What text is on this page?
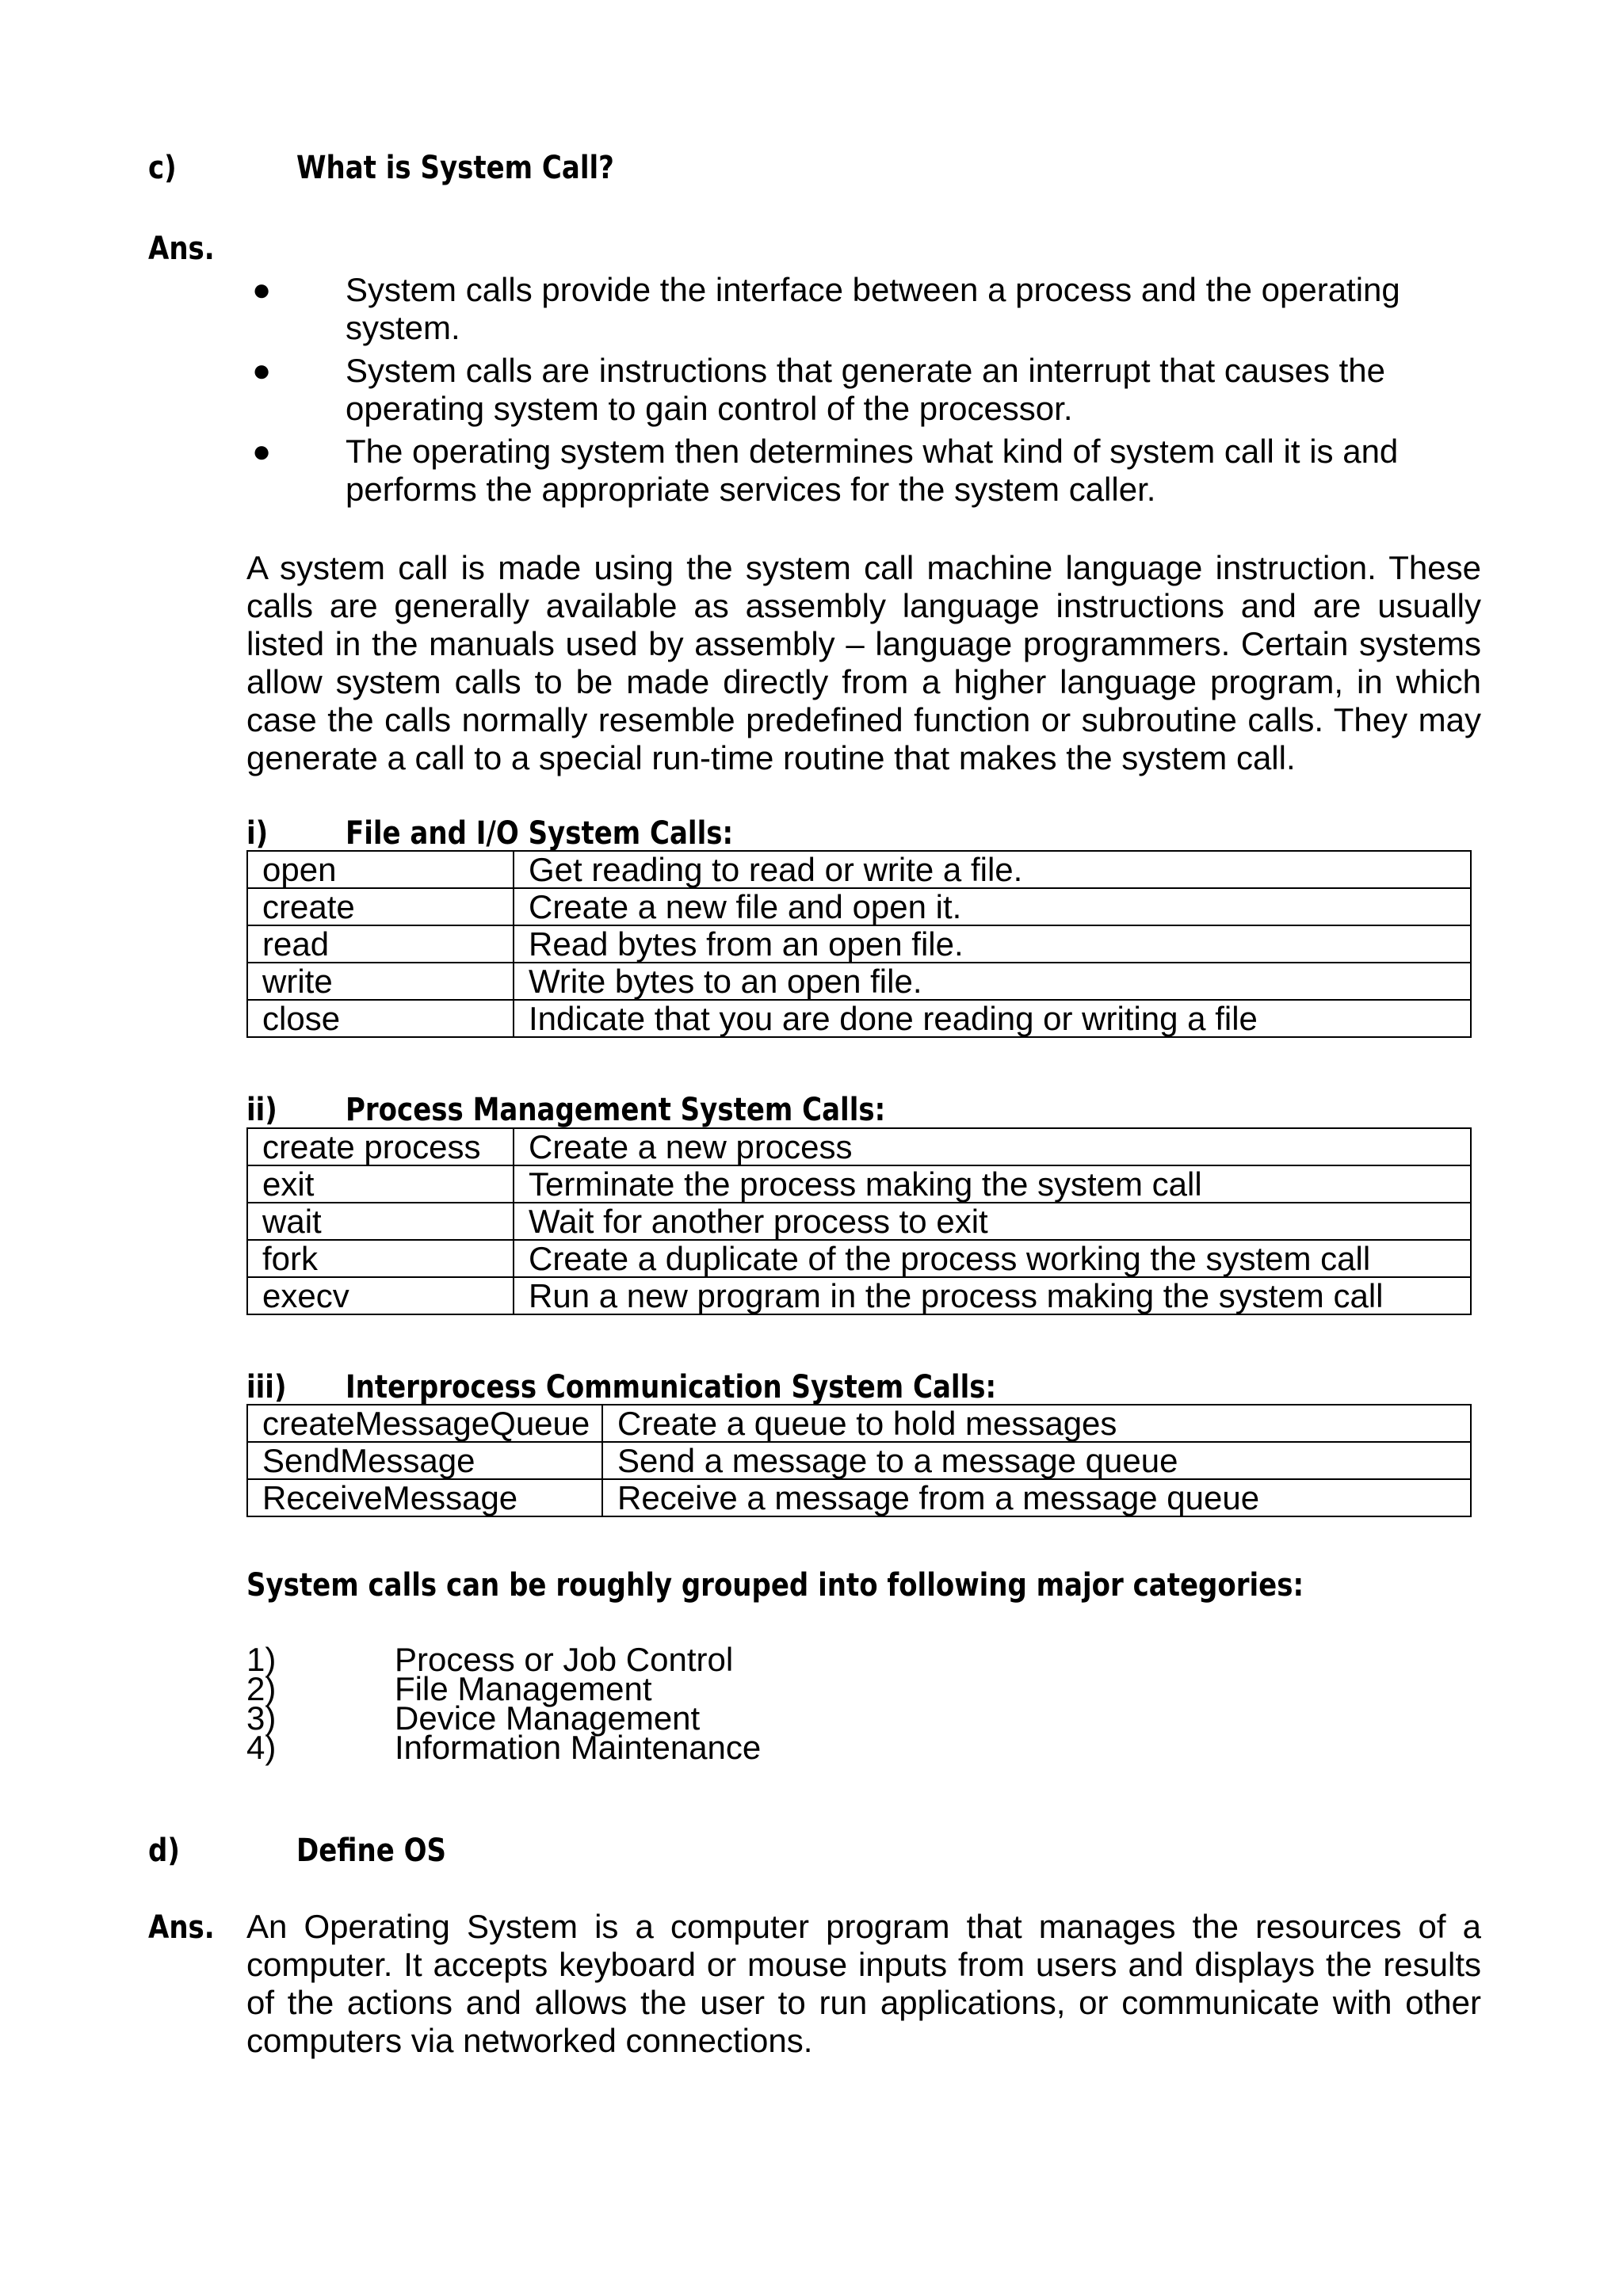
c)	What is System Call?
Ans.
● System calls provide the interface between a process and the operating
system.
● System calls are instructions that generate an interrupt that causes the
operating system to gain control of the processor.
● The operating system then determines what kind of system call it is and
performs the appropriate services for the system caller.
A system call is made using the system call machine language instruction. These calls are generally available as assembly language instructions and are usually listed in the manuals used by assembly – language programmers. Certain systems allow system calls to be made directly from a higher language program, in which case the calls normally resemble predefined function or subroutine calls. They may generate a call to a special run-time routine that makes the system call.
i) File and I/O System Calls:
open	Get reading to read or write a file.
create	Create a new file and open it.
read	Read bytes from an open file.
write	Write bytes to an open file.
close	Indicate that you are done reading or writing a file
ii) Process Management System Calls:
create process	Create a new process
exit	Terminate the process making the system call
wait	Wait for another process to exit
fork	Create a duplicate of the process working the system call
execv	Run a new program in the process making the system call
iii) Interprocess Communication System Calls:
createMessageQueue	Create a queue to hold messages
SendMessage	Send a message to a message queue
ReceiveMessage	Receive a message from a message queue
System calls can be roughly grouped into following major categories:
1)	Process or Job Control
2)	File Management
3)	Device Management
4)	Information Maintenance
d)	Define OS
Ans. An Operating System is a computer program that manages the resources of a computer. It accepts keyboard or mouse inputs from users and displays the results of the actions and allows the user to run applications, or communicate with other computers via networked connections.
